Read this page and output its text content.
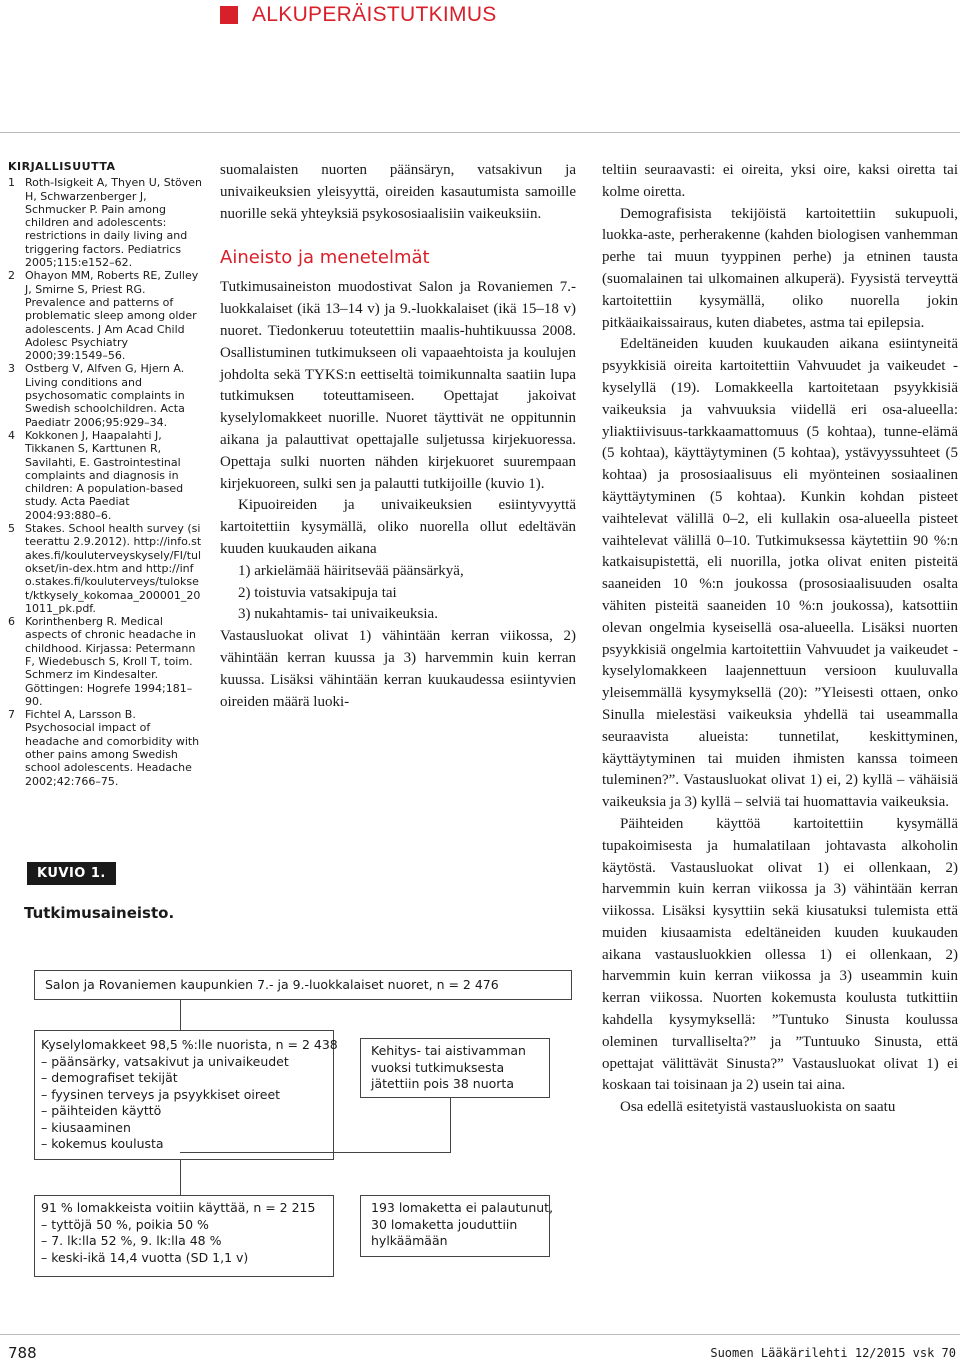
ALKUPERÄISTUTKIMUS
KIRJALLISUUTTA
1 Roth-Isigkeit A, Thyen U, Stöven H, Schwarzenberger J, Schmucker P. Pain among children and adolescents: restrictions in daily living and triggering factors. Pediatrics 2005;115:e152–62.
2 Ohayon MM, Roberts RE, Zulley J, Smirne S, Priest RG. Prevalence and patterns of problematic sleep among older adolescents. J Am Acad Child Adolesc Psychiatry 2000;39:1549–56.
3 Ostberg V, Alfven G, Hjern A. Living conditions and psychosomatic complaints in Swedish schoolchildren. Acta Paediatr 2006;95:929–34.
4 Kokkonen J, Haapalahti J, Tikkanen S, Karttunen R, Savilahti, E. Gastrointestinal complaints and diagnosis in children: A population-based study. Acta Paediat 2004:93:880–6.
5 Stakes. School health survey (siteerattu 2.9.2012). http://info.stakes.fi/kouluterveyskysely/FI/tulokset/in-dex.htm and http://info.stakes.fi/kouluterveys/tulokset/ktkysely_kokomaa_200001_201011_pk.pdf.
6 Korinthenberg R. Medical aspects of chronic headache in childhood. Kirjassa: Petermann F, Wiedebusch S, Kroll T, toim. Schmerz im Kindesalter. Göttingen: Hogrefe 1994;181–90.
7 Fichtel A, Larsson B. Psychosocial impact of headache and comorbidity with other pains among Swedish school adolescents. Headache 2002;42:766–75.

suomalaisten nuorten päänsäryn, vatsakivun ja univaikeuksien yleisyyttä, oireiden kasautumista samoille nuorille sekä yhteyksiä psykososiaalisiin vaikeuksiin.

Aineisto ja menetelmät

Tutkimusaineiston muodostivat Salon ja Rovaniemen 7.-luokkalaiset (ikä 13–14 v) ja 9.-luokkalaiset (ikä 15–18 v) nuoret. Tiedonkeruu toteutettiin maalis-huhtikuussa 2008. Osallistuminen tutkimukseen oli vapaaehtoista ja koulujen johdolta sekä TYKS:n eettiseltä toimikunnalta saatiin lupa tutkimuksen toteuttamiseen. Opettajat jakoivat kyselylomakkeet nuorille. Nuoret täyttivät ne oppitunnin aikana ja palauttivat opettajalle suljetussa kirjekuoressa. Opettaja sulki nuorten nähden kirjekuoret suurempaan kirjekuoreen, sulki sen ja palautti tutkijoille (kuvio 1).

Kipuoireiden ja univaikeuksien esiintyvyyttä kartoitettiin kysymällä, oliko nuorella ollut edeltävän kuuden kuukauden aikana

1) arkielämää häiritsevää päänsärkyä,

2) toistuvia vatsakipuja tai

3) nukahtamis- tai univaikeuksia.

Vastausluokat olivat 1) vähintään kerran viikossa, 2) vähintään kerran kuussa ja 3) harvemmin kuin kerran kuussa. Lisäksi vähintään kerran kuukaudessa esiintyvien oireiden määrä luoki-

teltiin seuraavasti: ei oireita, yksi oire, kaksi oiretta tai kolme oiretta.

Demografisista tekijöistä kartoitettiin sukupuoli, luokka-aste, perherakenne (kahden biologisen vanhemman perhe tai muun tyyppinen perhe) ja etninen tausta (suomalainen tai ulkomainen alkuperä). Fyysistä terveyttä kartoitettiin kysymällä, oliko nuorella jokin pitkäaikaissairaus, kuten diabetes, astma tai epilepsia.

Edeltäneiden kuuden kuukauden aikana esiintyneitä psyykkisiä oireita kartoitettiin Vahvuudet ja vaikeudet -kyselyllä (19). Lomakkeella kartoitetaan psyykkisiä vaikeuksia ja vahvuuksia viidellä eri osa-alueella: yliaktiivisuus-tarkkaamattomuus (5 kohtaa), tunne-elämä (5 kohtaa), käyttäytyminen (5 kohtaa), ystävyyssuhteet (5 kohtaa) ja prososiaalisuus eli myönteinen sosiaalinen käyttäytyminen (5 kohtaa). Kunkin kohdan pisteet vaihtelevat välillä 0–2, eli kullakin osa-alueella pisteet vaihtelevat välillä 0–10. Tutkimuksessa käytettiin 90 %:n katkaisupistettä, eli nuorilla, jotka olivat eniten pisteitä saaneiden 10 %:n joukossa (prososiaalisuuden osalta vähiten pisteitä saaneiden 10 %:n joukossa), katsottiin olevan ongelmia kyseisellä osa-alueella. Lisäksi nuorten psyykkisiä ongelmia kartoitettiin Vahvuudet ja vaikeudet -kyselylomakkeen laajennettuun versioon kuuluvalla yleisemmällä kysymyksellä (20): ”Yleisesti ottaen, onko Sinulla mielestäsi vaikeuksia yhdellä tai useammalla seuraavista alueista: tunnetilat, keskittyminen, käyttäytyminen tai muiden ihmisten kanssa toimeen tuleminen?”. Vastausluokat olivat 1) ei, 2) kyllä – vähäisiä vaikeuksia ja 3) kyllä – selviä tai huomattavia vaikeuksia.

Päihteiden käyttöä kartoitettiin kysymällä tupakoimisesta ja humalatilaan johtavasta alkoholin käytöstä. Vastausluokat olivat 1) ei ollenkaan, 2) harvemmin kuin kerran viikossa ja 3) vähintään kerran viikossa. Lisäksi kysyttiin sekä kiusatuksi tulemista että muiden kiusaamista edeltäneiden kuuden kuukauden aikana vastausluokkien ollessa 1) ei ollenkaan, 2) harvemmin kuin kerran viikossa ja 3) useammin kuin kerran viikossa. Nuorten kokemusta koulusta tutkittiin kahdella kysymyksellä: ”Tuntuko Sinusta koulussa oleminen turvalliselta?” ja ”Tuntuuko Sinusta, että opettajat välittävät Sinusta?” Vastausluokat olivat 1) ei koskaan tai toisinaan ja 2) usein tai aina.

Osa edellä esitetyistä vastausluokista on saatu

KUVIO 1.
Tutkimusaineisto.
Salon ja Rovaniemen kaupunkien 7.- ja 9.-luokkalaiset nuoret, n = 2 476
Kyselylomakkeet 98,5 %:lle nuorista, n = 2 438
– päänsärky, vatsakivut ja univaikeudet
– demografiset tekijät
– fyysinen terveys ja psyykkiset oireet
– päihteiden käyttö
– kiusaaminen
– kokemus koulusta
Kehitys- tai aistivamman
vuoksi tutkimuksesta
jätettiin pois 38 nuorta
91 % lomakkeista voitiin käyttää, n = 2 215
– tyttöjä 50 %, poikia 50 %
– 7. lk:lla 52 %, 9. lk:lla 48 %
– keski-ikä 14,4 vuotta (SD 1,1 v)
193 lomaketta ei palautunut,
30 lomaketta jouduttiin
hylkäämään
788	Suomen Lääkärilehti 12/2015 vsk 70
